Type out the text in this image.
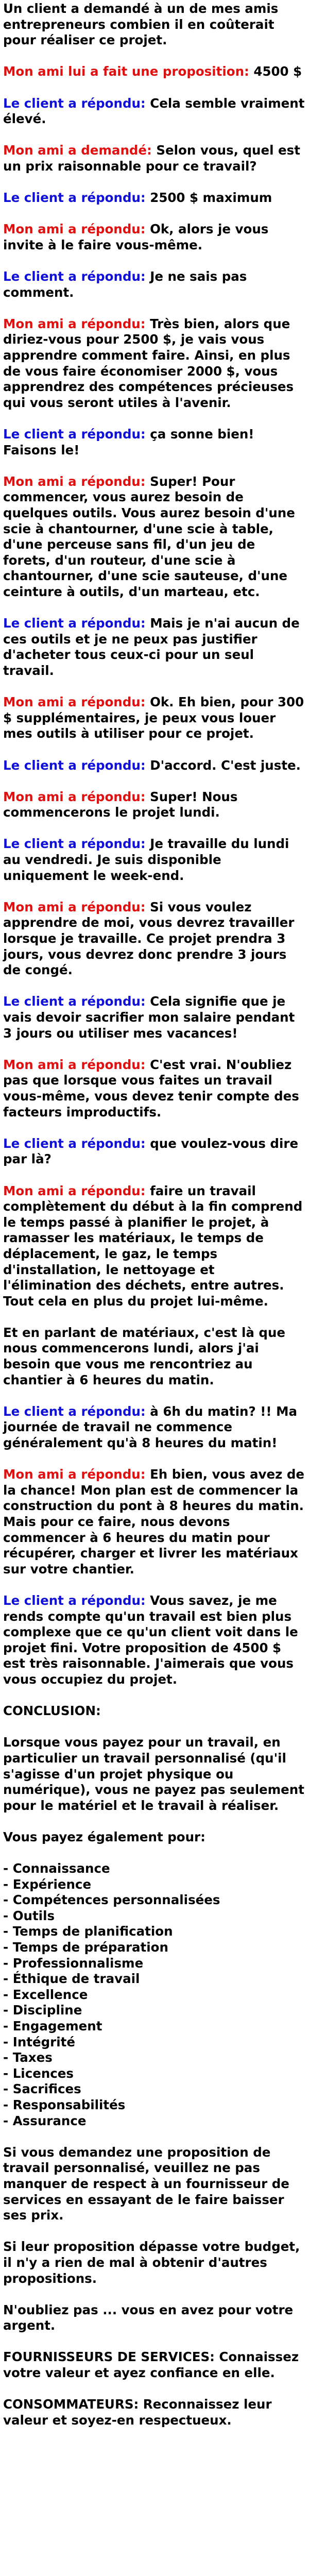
Un client a demandé à un de mes amis entrepreneurs combien il en coûterait pour réaliser ce projet.

Mon ami lui a fait une proposition: 4500 $

Le client a répondu: Cela semble vraiment élevé.

Mon ami a demandé: Selon vous, quel est un prix raisonnable pour ce travail?

Le client a répondu: 2500 $ maximum

Mon ami a répondu: Ok, alors je vous invite à le faire vous-même.

Le client a répondu: Je ne sais pas comment.

Mon ami a répondu: Très bien, alors que diriez-vous pour 2500 $, je vais vous apprendre comment faire. Ainsi, en plus de vous faire économiser 2000 $, vous apprendrez des compétences précieuses qui vous seront utiles à l'avenir.

Le client a répondu: ça sonne bien! Faisons le!

Mon ami a répondu: Super! Pour commencer, vous aurez besoin de quelques outils. Vous aurez besoin d'une scie à chantourner, d'une scie à table, d'une perceuse sans fil, d'un jeu de forets, d'un routeur, d'une scie à chantourner, d'une scie sauteuse, d'une ceinture à outils, d'un marteau, etc.

Le client a répondu: Mais je n'ai aucun de ces outils et je ne peux pas justifier d'acheter tous ceux-ci pour un seul travail.

Mon ami a répondu: Ok. Eh bien, pour 300 $ supplémentaires, je peux vous louer mes outils à utiliser pour ce projet.

Le client a répondu: D'accord. C'est juste.

Mon ami a répondu: Super! Nous commencerons le projet lundi.

Le client a répondu: Je travaille du lundi au vendredi. Je suis disponible uniquement le week-end.

Mon ami a répondu: Si vous voulez apprendre de moi, vous devrez travailler lorsque je travaille. Ce projet prendra 3 jours, vous devrez donc prendre 3 jours de congé.

Le client a répondu: Cela signifie que je vais devoir sacrifier mon salaire pendant 3 jours ou utiliser mes vacances!

Mon ami a répondu: C'est vrai. N'oubliez pas que lorsque vous faites un travail vous-même, vous devez tenir compte des facteurs improductifs.

Le client a répondu: que voulez-vous dire par là?

Mon ami a répondu: faire un travail complètement du début à la fin comprend le temps passé à planifier le projet, à ramasser les matériaux, le temps de déplacement, le gaz, le temps d'installation, le nettoyage et l'élimination des déchets, entre autres. Tout cela en plus du projet lui-même.

Et en parlant de matériaux, c'est là que nous commencerons lundi, alors j'ai besoin que vous me rencontriez au chantier à 6 heures du matin.

Le client a répondu: à 6h du matin? !! Ma journée de travail ne commence généralement qu'à 8 heures du matin!

Mon ami a répondu: Eh bien, vous avez de la chance! Mon plan est de commencer la construction du pont à 8 heures du matin. Mais pour ce faire, nous devons commencer à 6 heures du matin pour récupérer, charger et livrer les matériaux sur votre chantier.

Le client a répondu: Vous savez, je me rends compte qu'un travail est bien plus complexe que ce qu'un client voit dans le projet fini. Votre proposition de 4500 $ est très raisonnable. J'aimerais que vous vous occupiez du projet.

CONCLUSION:

Lorsque vous payez pour un travail, en particulier un travail personnalisé (qu'il s'agisse d'un projet physique ou numérique), vous ne payez pas seulement pour le matériel et le travail à réaliser.

Vous payez également pour:

- Connaissance
- Expérience
- Compétences personnalisées
- Outils
- Temps de planification
- Temps de préparation
- Professionnalisme
- Éthique de travail
- Excellence
- Discipline
- Engagement
- Intégrité
- Taxes
- Licences
- Sacrifices
- Responsabilités
- Assurance

Si vous demandez une proposition de travail personnalisé, veuillez ne pas manquer de respect à un fournisseur de services en essayant de le faire baisser ses prix.

Si leur proposition dépasse votre budget, il n'y a rien de mal à obtenir d'autres propositions.

N'oubliez pas ... vous en avez pour votre argent.

FOURNISSEURS DE SERVICES: Connaissez votre valeur et ayez confiance en elle.

CONSOMMATEURS: Reconnaissez leur valeur et soyez-en respectueux.
